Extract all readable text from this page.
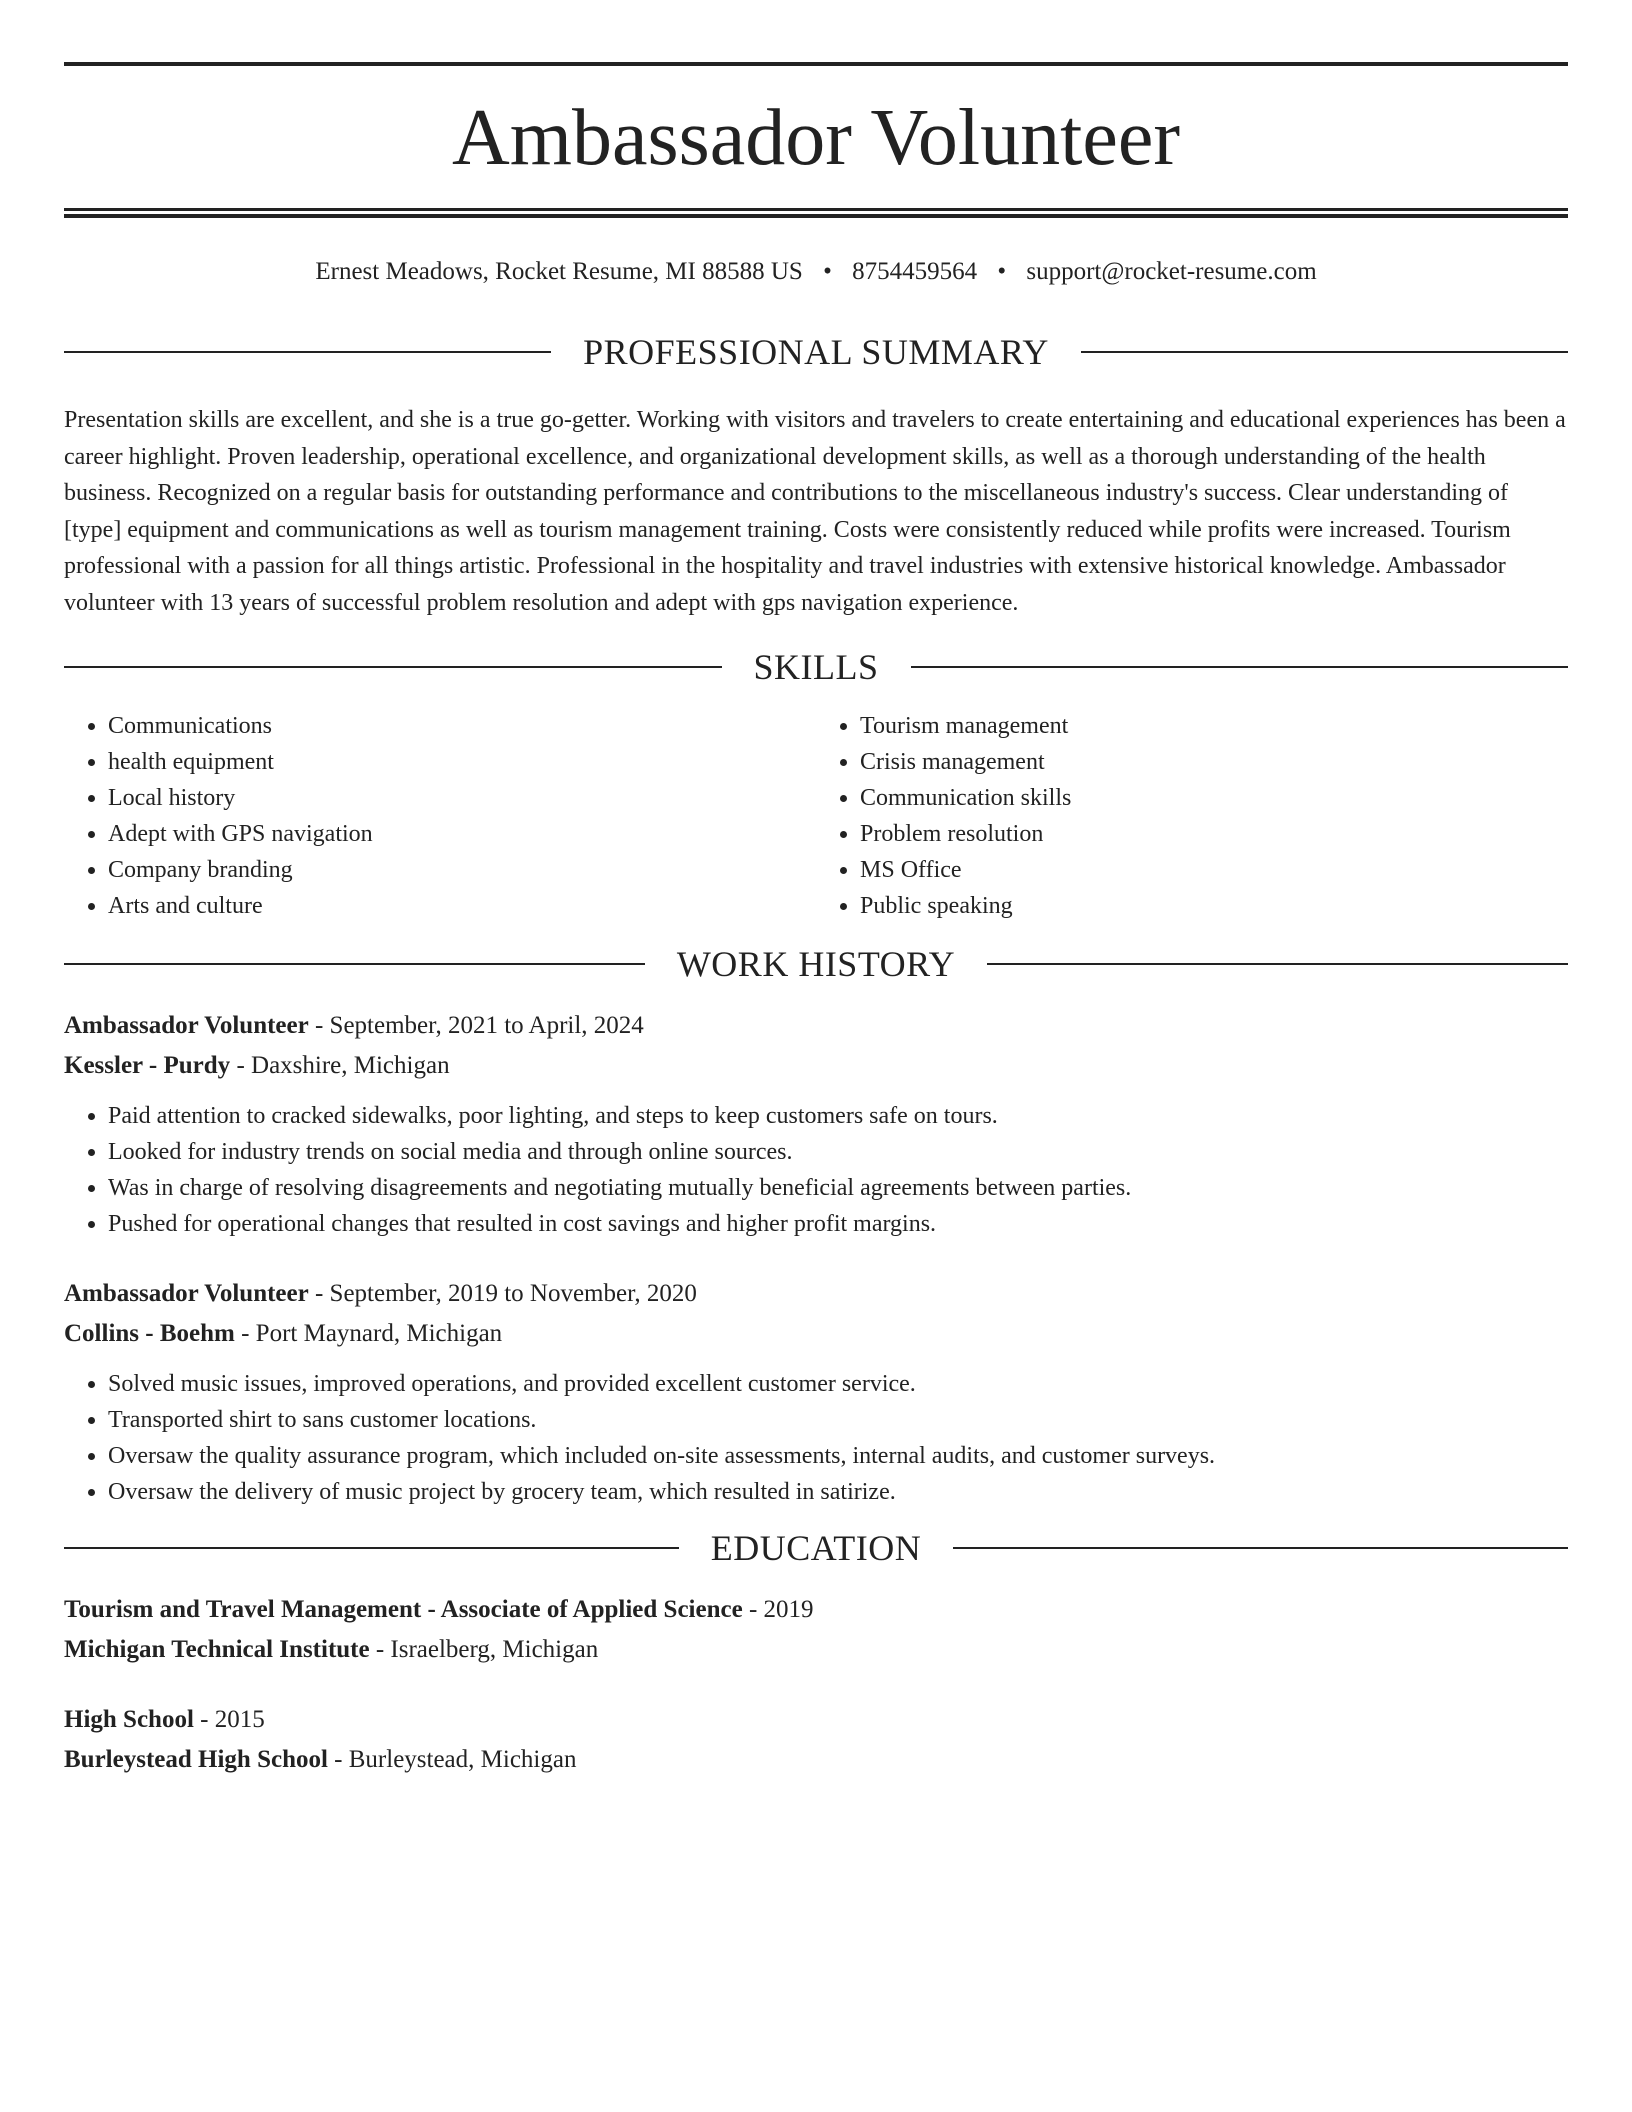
Ambassador Volunteer
Ernest Meadows, Rocket Resume, MI 88588 US • 8754459564 • support@rocket-resume.com
PROFESSIONAL SUMMARY

Presentation skills are excellent, and she is a true go-getter. Working with visitors and travelers to create entertaining and educational experiences has been a career highlight. Proven leadership, operational excellence, and organizational development skills, as well as a thorough understanding of the health business. Recognized on a regular basis for outstanding performance and contributions to the miscellaneous industry's success. Clear understanding of [type] equipment and communications as well as tourism management training. Costs were consistently reduced while profits were increased. Tourism professional with a passion for all things artistic. Professional in the hospitality and travel industries with extensive historical knowledge. Ambassador volunteer with 13 years of successful problem resolution and adept with gps navigation experience.

SKILLS
• Communications
• health equipment
• Local history
• Adept with GPS navigation
• Company branding
• Arts and culture
• Tourism management
• Crisis management
• Communication skills
• Problem resolution
• MS Office
• Public speaking
WORK HISTORY
Ambassador Volunteer - September, 2021 to April, 2024
Kessler - Purdy - Daxshire, Michigan
• Paid attention to cracked sidewalks, poor lighting, and steps to keep customers safe on tours.
• Looked for industry trends on social media and through online sources.
• Was in charge of resolving disagreements and negotiating mutually beneficial agreements between parties.
• Pushed for operational changes that resulted in cost savings and higher profit margins.
Ambassador Volunteer - September, 2019 to November, 2020
Collins - Boehm - Port Maynard, Michigan
• Solved music issues, improved operations, and provided excellent customer service.
• Transported shirt to sans customer locations.
• Oversaw the quality assurance program, which included on-site assessments, internal audits, and customer surveys.
• Oversaw the delivery of music project by grocery team, which resulted in satirize.
EDUCATION
Tourism and Travel Management - Associate of Applied Science - 2019
Michigan Technical Institute - Israelberg, Michigan
High School - 2015
Burleystead High School - Burleystead, Michigan
